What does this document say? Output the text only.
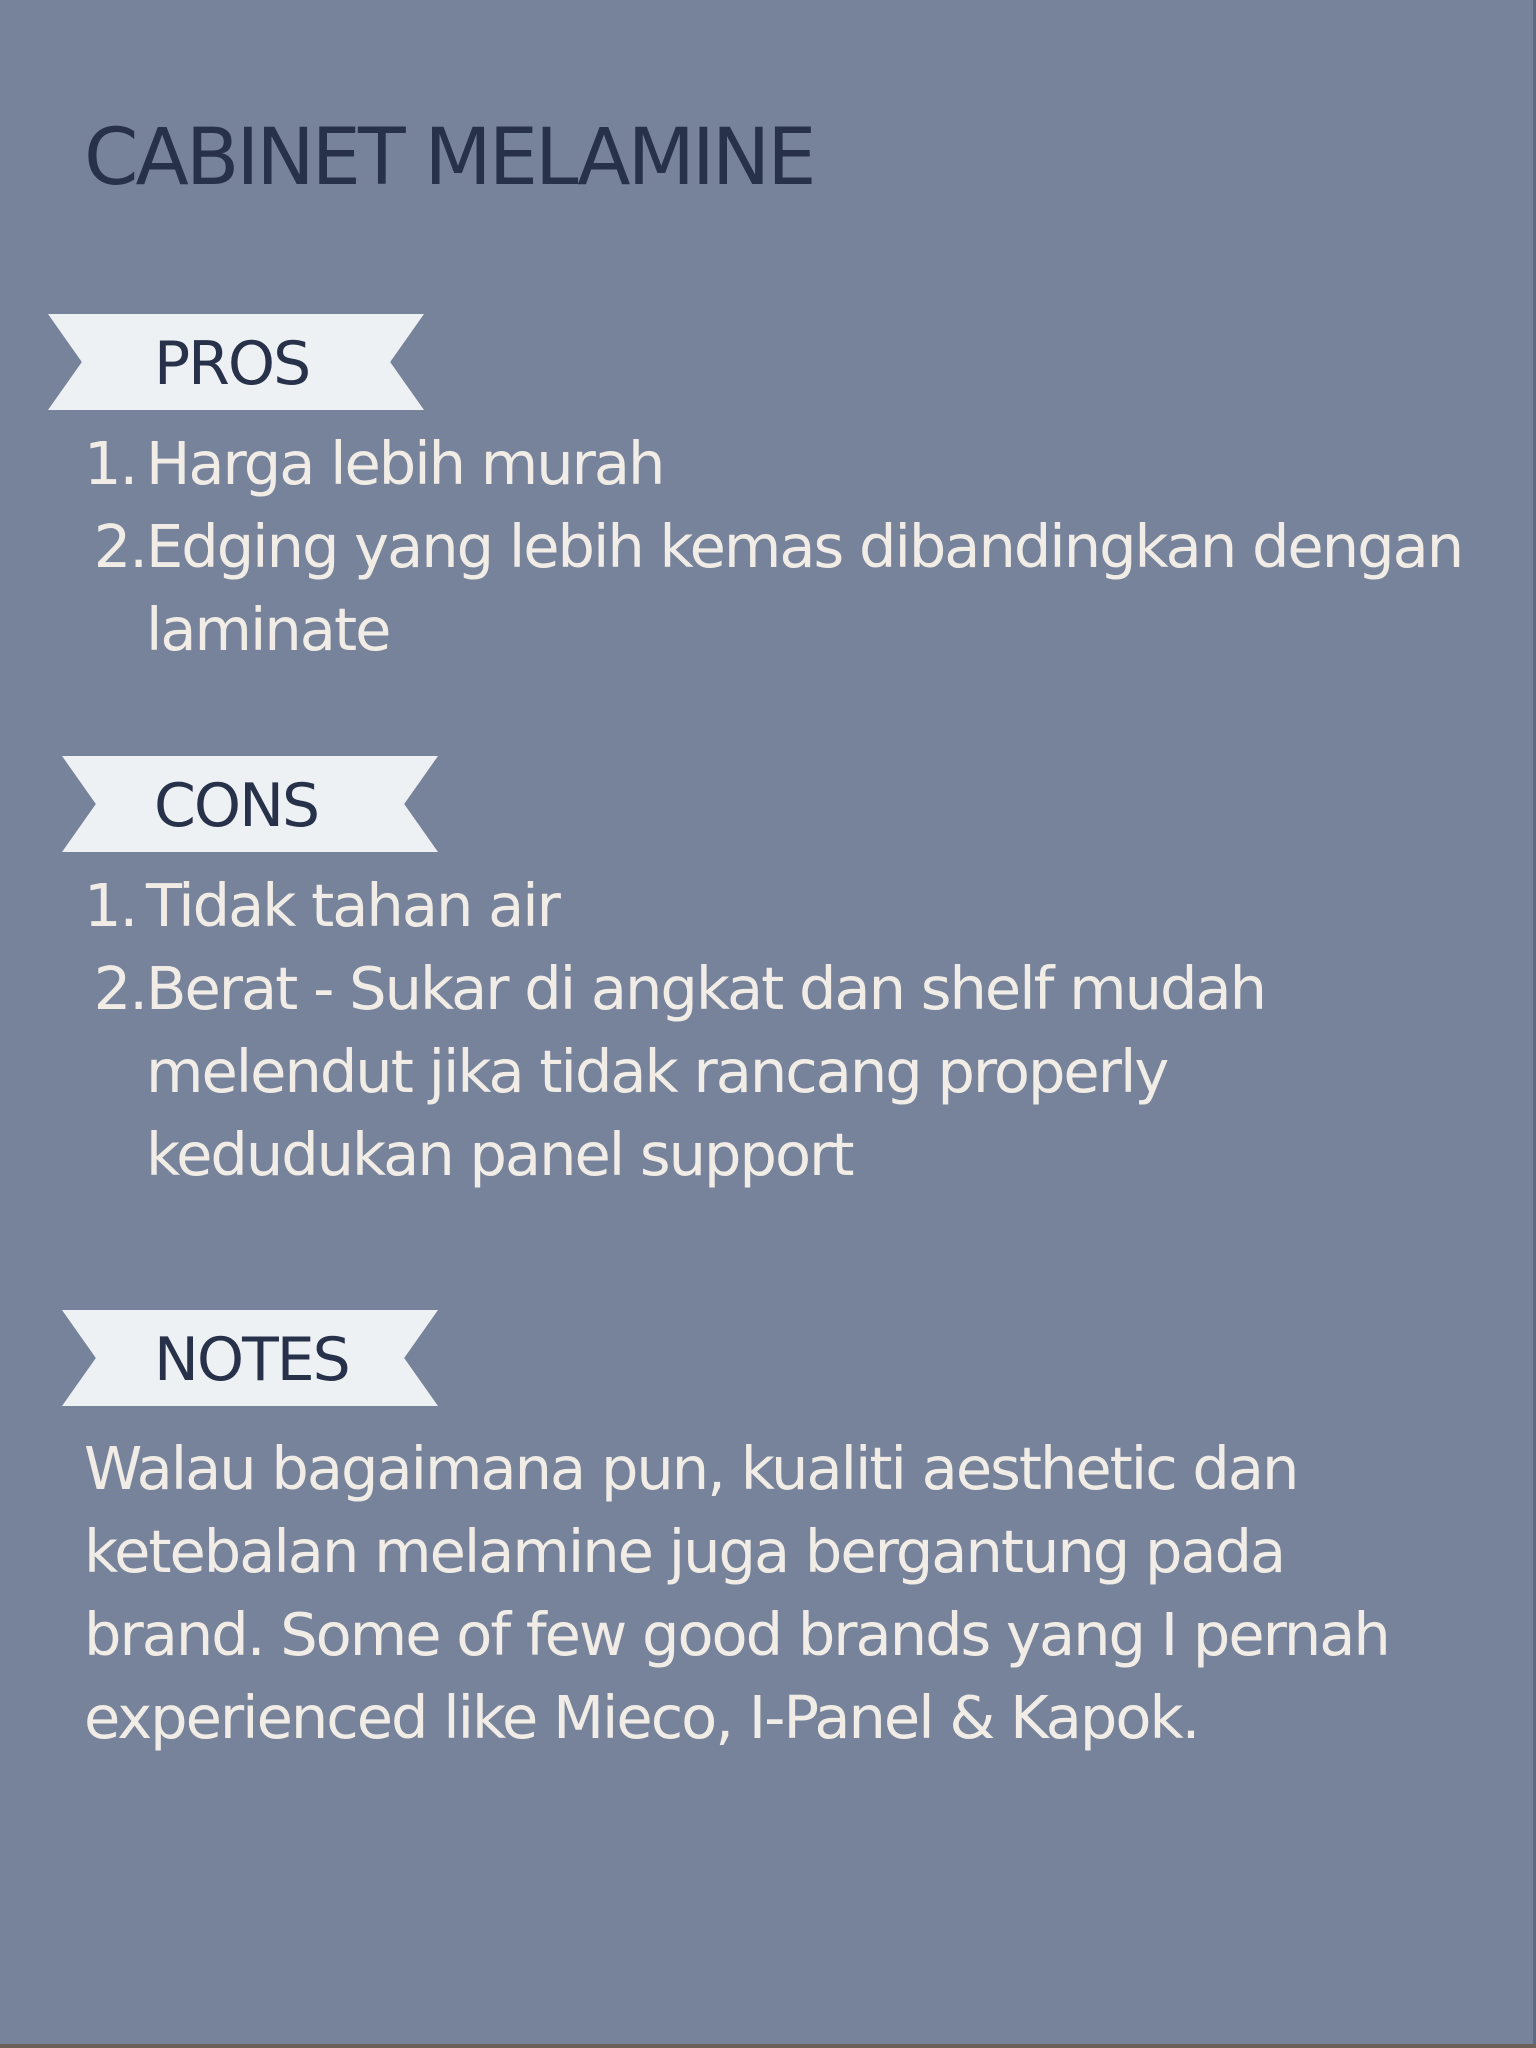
CABINET MELAMINE
PROS
1. Harga lebih murah
2. Edging yang lebih kemas dibandingkan dengan laminate
CONS
1. Tidak tahan air
2. Berat - Sukar di angkat dan shelf mudah melendut jika tidak rancang properly kedudukan panel support
NOTES

Walau bagaimana pun, kualiti aesthetic dan ketebalan melamine juga bergantung pada brand. Some of few good brands yang I pernah experienced like Mieco, I-Panel & Kapok.
